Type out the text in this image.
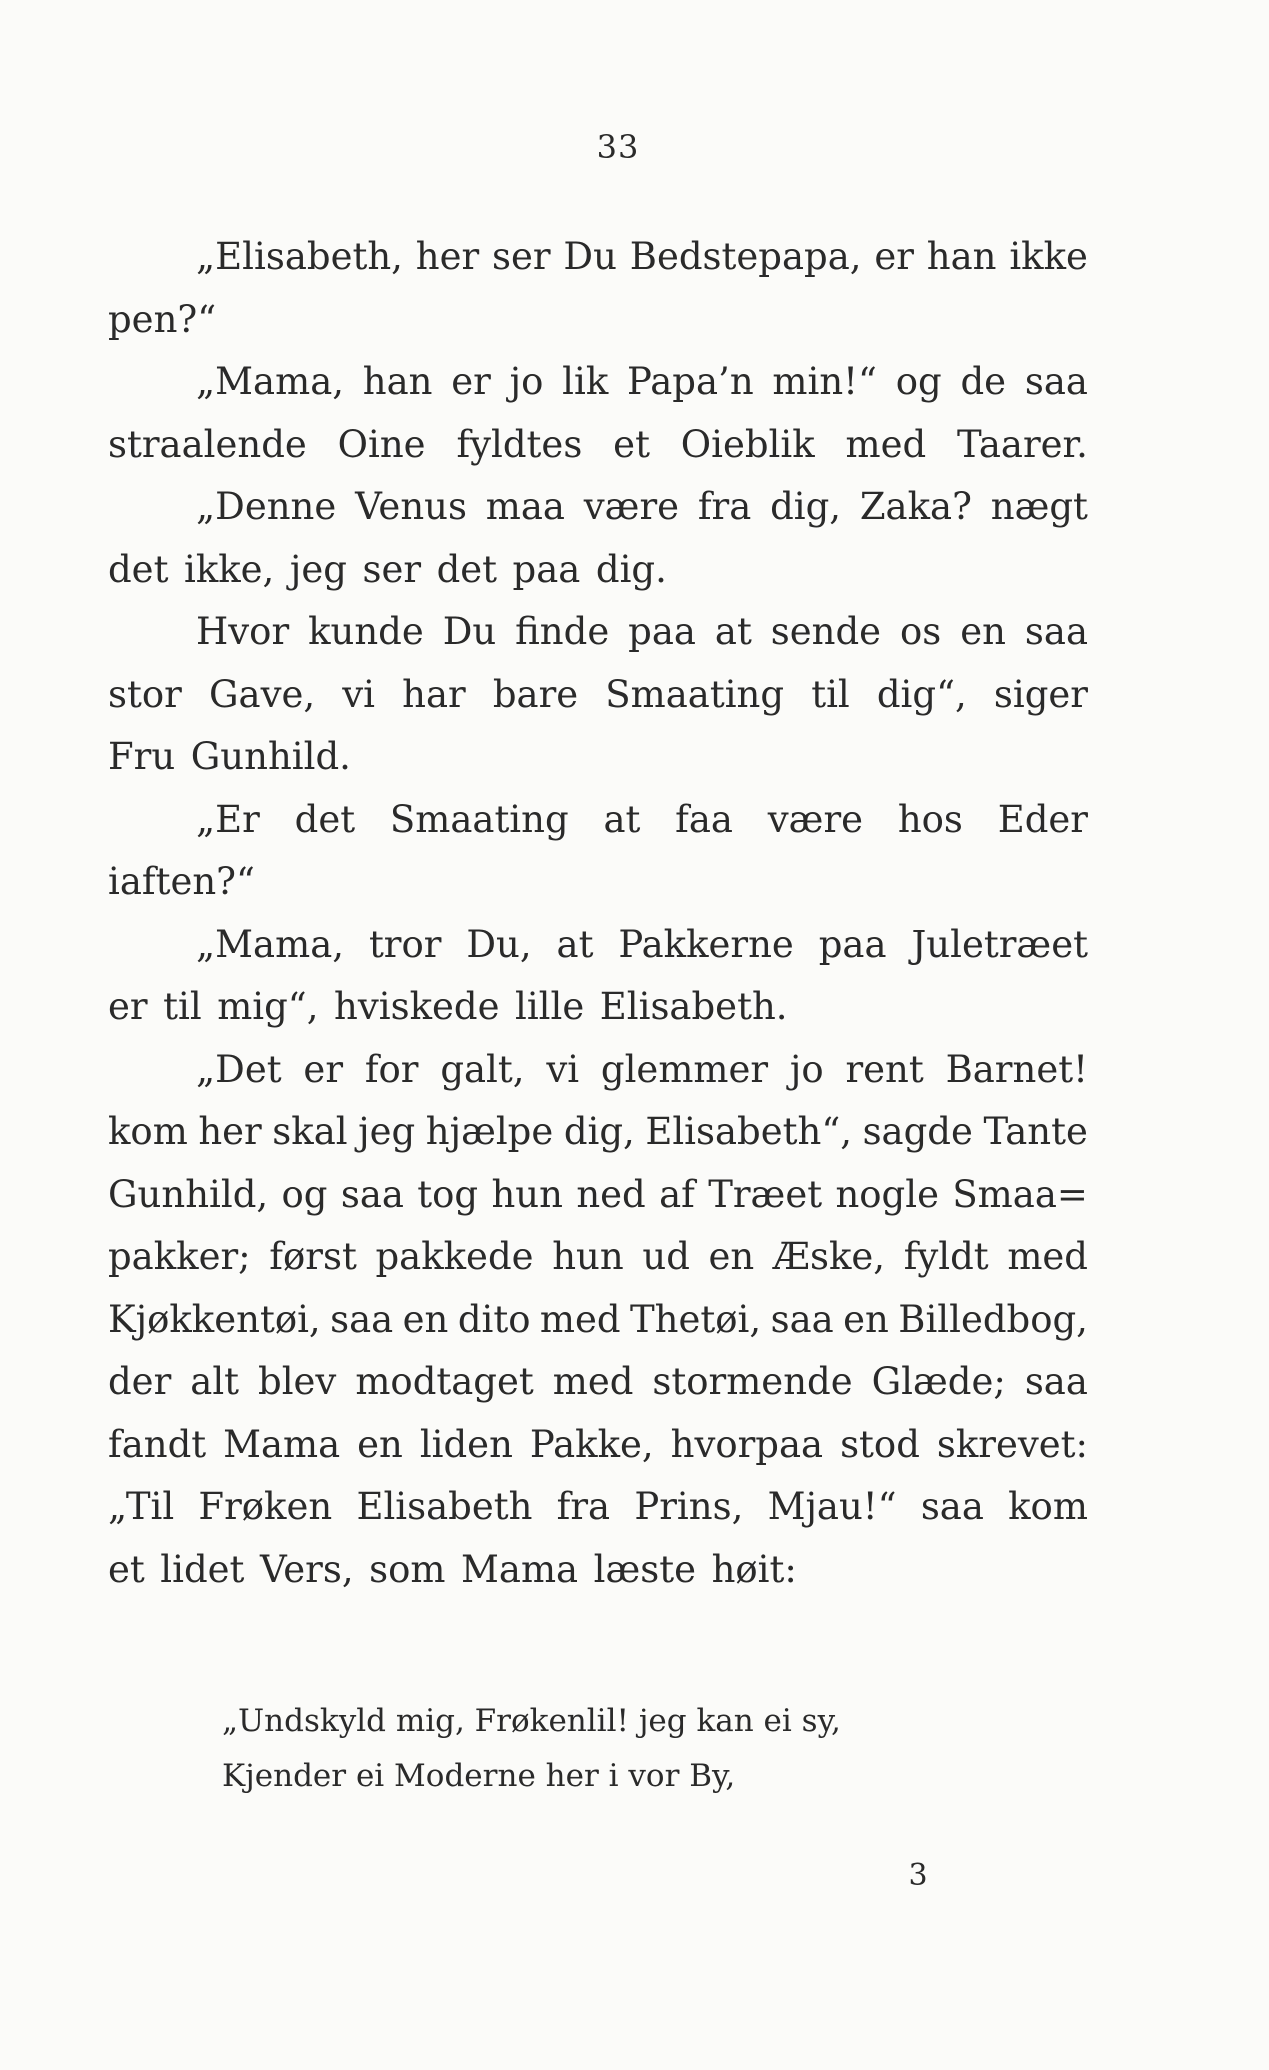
33
„Elisabeth, her ser Du Bedstepapa, er han ikke
pen?“
„Mama, han er jo lik Papa’n min!“ og de saa
straalende Oine fyldtes et Oieblik med Taarer.
„Denne Venus maa være fra dig, Zaka? nægt
det ikke, jeg ser det paa dig.
Hvor kunde Du finde paa at sende os en saa
stor Gave, vi har bare Smaating til dig“, siger
Fru Gunhild.
„Er det Smaating at faa være hos Eder
iaften?“
„Mama, tror Du, at Pakkerne paa Juletræet
er til mig“, hviskede lille Elisabeth.
„Det er for galt, vi glemmer jo rent Barnet!
kom her skal jeg hjælpe dig, Elisabeth“, sagde Tante
Gunhild, og saa tog hun ned af Træet nogle Smaa=
pakker; først pakkede hun ud en Æske, fyldt med
Kjøkkentøi, saa en dito med Thetøi, saa en Billedbog,
der alt blev modtaget med stormende Glæde; saa
fandt Mama en liden Pakke, hvorpaa stod skrevet:
„Til Frøken Elisabeth fra Prins, Mjau!“ saa kom
et lidet Vers, som Mama læste høit:
„Undskyld mig, Frøkenlil! jeg kan ei sy,
Kjender ei Moderne her i vor By,
3
